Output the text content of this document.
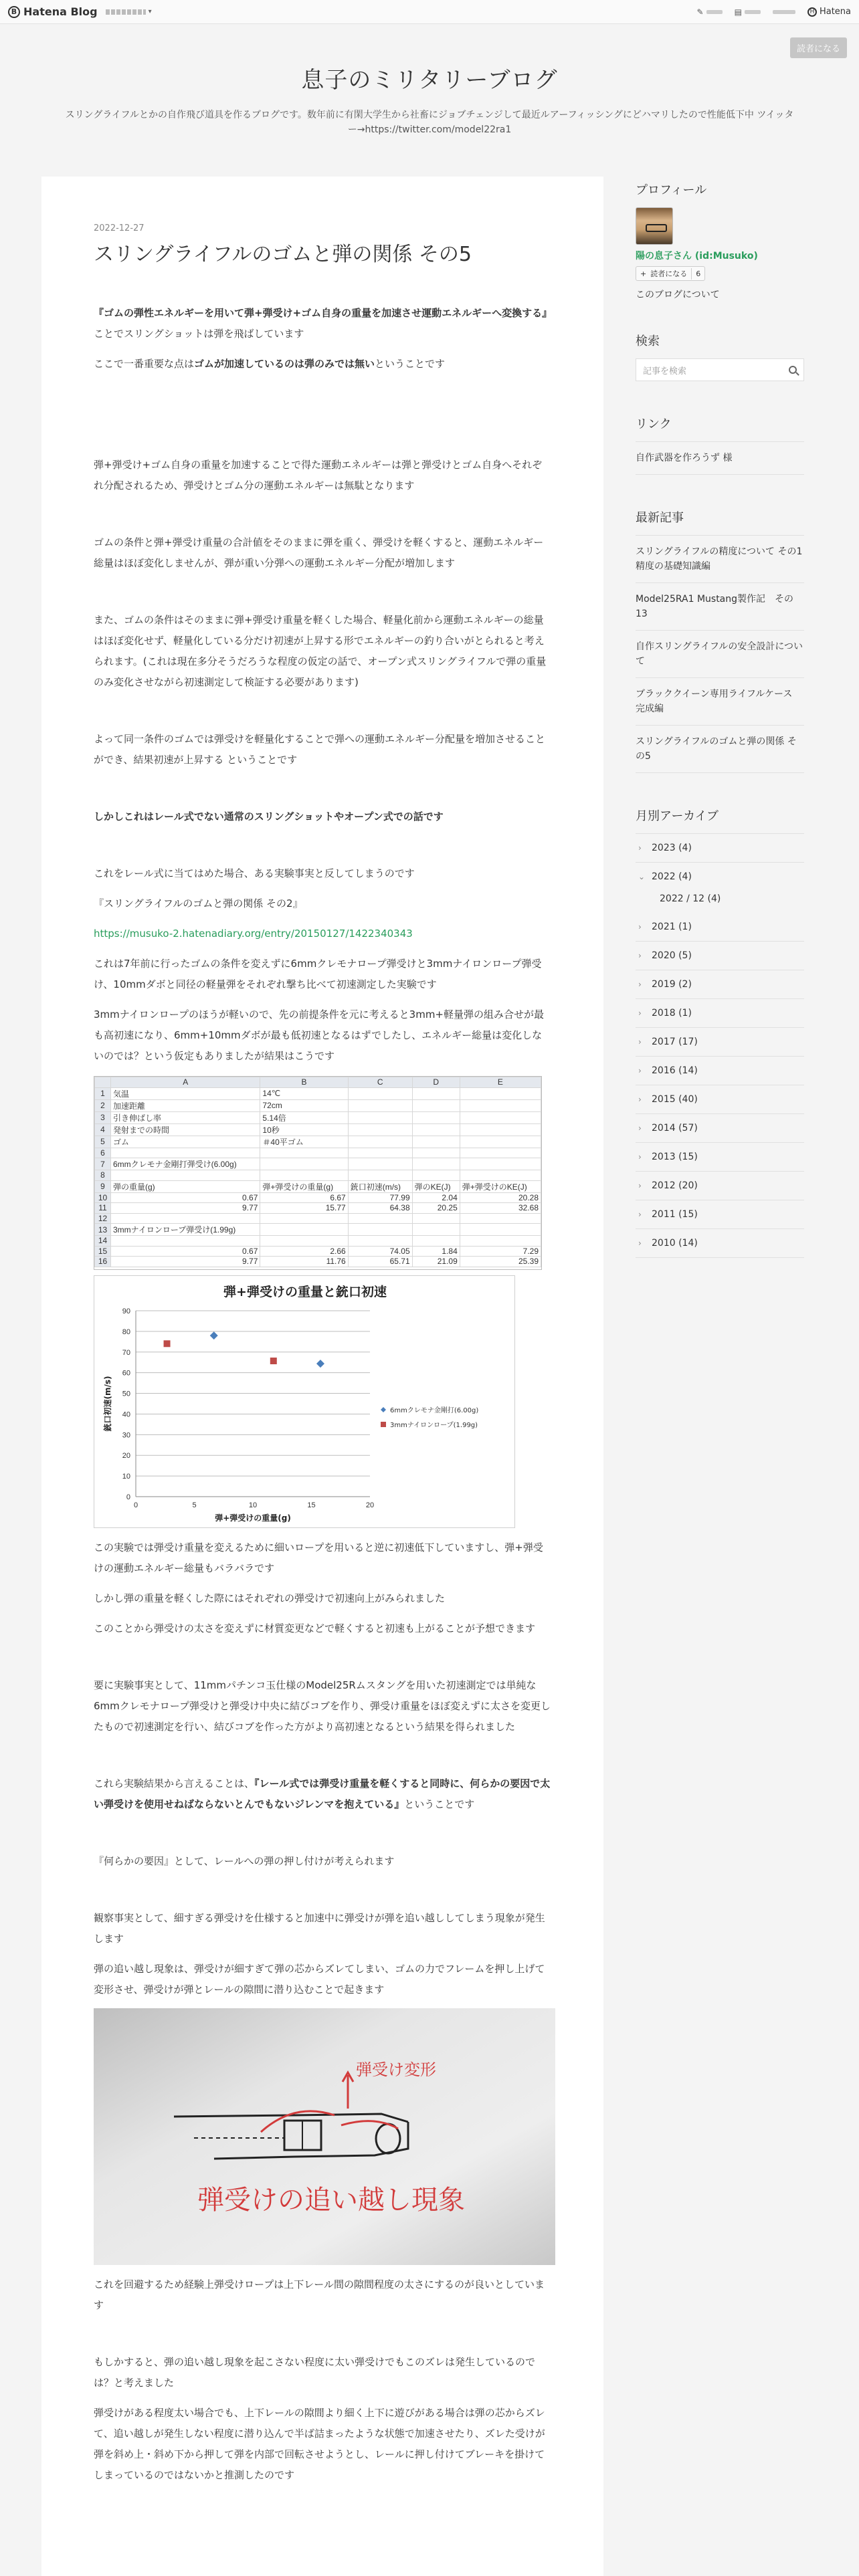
B Hatena Blog	▾	✎	▤	H Hatena
読者になる
息子のミリタリーブログ

スリングライフルとかの自作飛び道具を作るブログです。数年前に有閑大学生から社畜にジョブチェンジして最近ルアーフィッシングにどハマリしたので性能低下中 ツイッター→https://twitter.com/model22ra1

2022-12-27
スリングライフルのゴムと弾の関係 その5

『ゴムの弾性エネルギーを用いて弾+弾受け+ゴム自身の重量を加速させ運動エネルギーへ変換する』ことでスリングショットは弾を飛ばしています

ここで一番重要な点はゴムが加速しているのは弾のみでは無いということです

弾+弾受け+ゴム自身の重量を加速することで得た運動エネルギーは弾と弾受けとゴム自身へそれぞれ分配されるため、弾受けとゴム分の運動エネルギーは無駄となります

ゴムの条件と弾+弾受け重量の合計値をそのままに弾を重く、弾受けを軽くすると、運動エネルギー総量はほぼ変化しませんが、弾が重い分弾への運動エネルギー分配が増加します

また、ゴムの条件はそのままに弾+弾受け重量を軽くした場合、軽量化前から運動エネルギーの総量はほぼ変化せず、軽量化している分だけ初速が上昇する形でエネルギーの釣り合いがとられると考えられます。(これは現在多分そうだろうな程度の仮定の話で、オープン式スリングライフルで弾の重量のみ変化させながら初速測定して検証する必要があります)

よって同一条件のゴムでは弾受けを軽量化することで弾への運動エネルギー分配量を増加させることができ、結果初速が上昇する ということです

しかしこれはレール式でない通常のスリングショットやオープン式での話です

これをレール式に当てはめた場合、ある実験事実と反してしまうのです

『スリングライフルのゴムと弾の関係 その2』

https://musuko-2.hatenadiary.org/entry/20150127/1422340343

これは7年前に行ったゴムの条件を変えずに6mmクレモナロープ弾受けと3mmナイロンロープ弾受け、10mmダボと同径の軽量弾をそれぞれ撃ち比べて初速測定した実験です

3mmナイロンロープのほうが軽いので、先の前提条件を元に考えると3mm+軽量弾の組み合せが最も高初速になり、6mm+10mmダボが最も低初速となるはずでしたし、エネルギー総量は変化しないのでは？という仮定もありましたが結果はこうです

	A	B	C	D	E
1	気温	14℃			
2	加速距離	72cm			
3	引き伸ばし率	5.14倍			
4	発射までの時間	10秒			
5	ゴム	＃40平ゴム			
6					
7	6mmクレモナ金剛打弾受け(6.00g)				
8					
9	弾の重量(g)	弾+弾受けの重量(g)	銃口初速(m/s)	弾のKE(J)	弾+弾受けのKE(J)
10	0.67	6.67	77.99	2.04	20.28
11	9.77	15.77	64.38	20.25	32.68
12					
13	3mmナイロンロープ弾受け(1.99g)				
14					
15	0.67	2.66	74.05	1.84	7.29
16	9.77	11.76	65.71	21.09	25.39
弾+弾受けの重量と銃口初速
0
10
20
30
40
50
60
70
80
90
0	5	10	15	20
弾+弾受けの重量(g)
銃口初速(m/s)	6mmクレモナ金剛打(6.00g)
3mmナイロンロープ(1.99g)

この実験では弾受け重量を変えるために細いロープを用いると逆に初速低下していますし、弾+弾受けの運動エネルギー総量もバラバラです

しかし弾の重量を軽くした際にはそれぞれの弾受けで初速向上がみられました

このことから弾受けの太さを変えずに材質変更などで軽くすると初速も上がることが予想できます

要に実験事実として、11mmパチンコ玉仕様のModel25Rムスタングを用いた初速測定では単純な6mmクレモナロープ弾受けと弾受け中央に結びコブを作り、弾受け重量をほぼ変えずに太さを変更したもので初速測定を行い、結びコブを作った方がより高初速となるという結果を得られました

これら実験結果から言えることは、『レール式では弾受け重量を軽くすると同時に、何らかの要因で太い弾受けを使用せねばならないとんでもないジレンマを抱えている』ということです

『何らかの要因』として、レールへの弾の押し付けが考えられます

観察事実として、細すぎる弾受けを仕様すると加速中に弾受けが弾を追い越ししてしまう現象が発生します

弾の追い越し現象は、弾受けが細すぎて弾の芯からズレてしまい、ゴムの力でフレームを押し上げて変形させ、弾受けが弾とレールの隙間に潜り込むことで起きます

弾受け変形
弾受けの追い越し現象

これを回避するため経験上弾受けロープは上下レール間の隙間程度の太さにするのが良いとしています

もしかすると、弾の追い越し現象を起こさない程度に太い弾受けでもこのズレは発生しているのでは？と考えました

弾受けがある程度太い場合でも、上下レールの隙間より細く上下に遊びがある場合は弾の芯からズレて、追い越しが発生しない程度に潜り込んで半ば詰まったような状態で加速させたり、ズレた受けが弾を斜め上・斜め下から押して弾を内部で回転させようとし、レールに押し付けてブレーキを掛けてしまっているのではないかと推測したのです

プロフィール
陽の息子さん (id:Musuko)
+ 読者になる	6
このブログについて
検索
記事を検索
リンク
自作武器を作ろうず 様
最新記事
スリングライフルの精度について その1　精度の基礎知識編
Model25RA1 Mustang製作記　その13
自作スリングライフルの安全設計について
ブラッククイーン専用ライフルケース　完成編
スリングライフルのゴムと弾の関係 その5
月別アーカイブ
›	2023 (4)
⌄ 2022 (4)
2022 / 12 (4)
›	2021 (1)
›	2020 (5)
›	2019 (2)
›	2018 (1)
›	2017 (17)
›	2016 (14)
›	2015 (40)
›	2014 (57)
›	2013 (15)
›	2012 (20)
›	2011 (15)
›	2010 (14)
